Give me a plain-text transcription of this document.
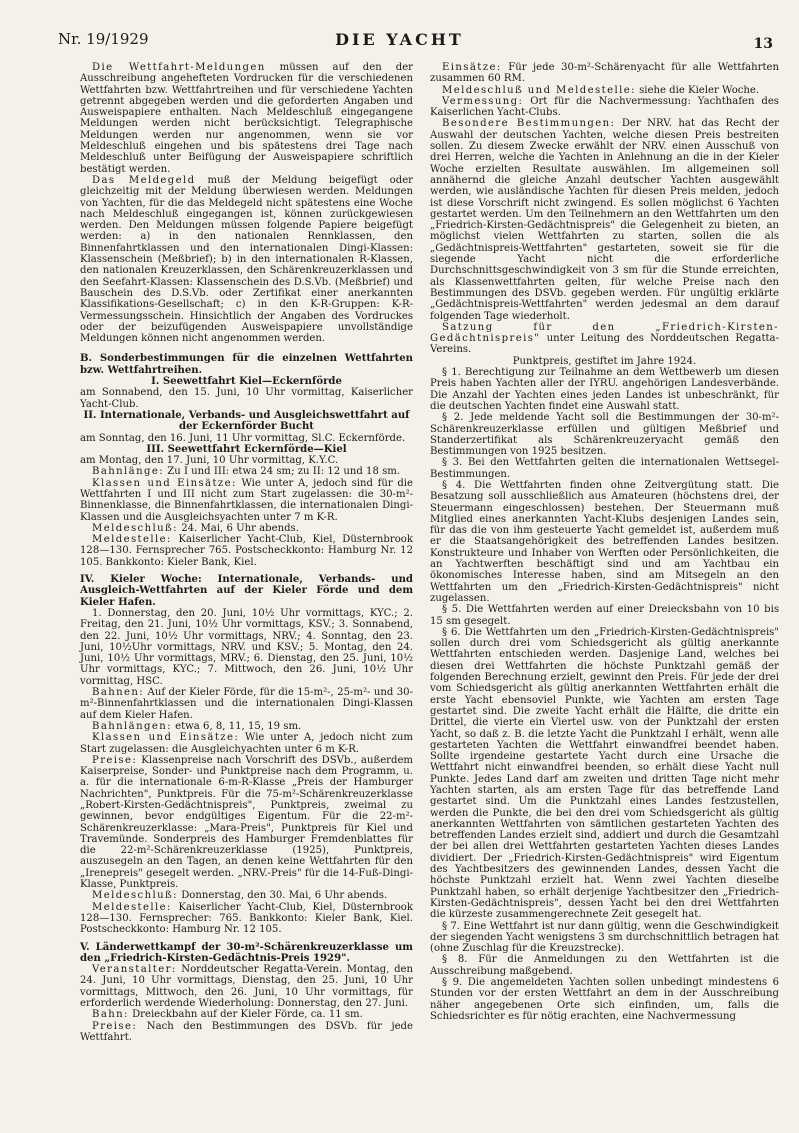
Nr. 19/1929	DIE YACHT	13

Die Wettfahrt-Meldungen müssen auf den der Ausschreibung angehefteten Vordrucken für die verschiedenen Wettfahrten bzw. Wettfahrtreihen und für verschiedene Yachten getrennt abgegeben werden und die geforderten Angaben und Ausweispapiere enthalten. Nach Meldeschluß eingegangene Meldungen werden nicht berücksichtigt. Telegraphische Meldungen werden nur angenommen, wenn sie vor Meldeschluß eingehen und bis spätestens drei Tage nach Meldeschluß unter Beifügung der Ausweispapiere schriftlich bestätigt werden.

Das Meldegeld muß der Meldung beigefügt oder gleichzeitig mit der Meldung überwiesen werden. Meldungen von Yachten, für die das Meldegeld nicht spätestens eine Woche nach Meldeschluß eingegangen ist, können zurückgewiesen werden. Den Meldungen müssen folgende Papiere beigefügt werden: a) in den nationalen Rennklassen, den Binnenfahrtklassen und den internationalen Dingi-Klassen: Klassenschein (Meßbrief); b) in den internationalen R-Klassen, den nationalen Kreuzerklassen, den Schärenkreuzerklassen und den Seefahrt-Klassen: Klassenschein des D.S.Vb. (Meßbrief) und Bauschein des D.S.Vb. oder Zertifikat einer anerkannten Klassifikations-Gesellschaft; c) in den K-R-Gruppen: K-R-Vermessungsschein. Hinsichtlich der Angaben des Vordruckes oder der beizufügenden Ausweispapiere unvollständige Meldungen können nicht angenommen werden.

B. Sonderbestimmungen für die einzelnen Wettfahrten bzw. Wettfahrtreihen.

I. Seewettfahrt Kiel—Eckernförde

am Sonnabend, den 15. Juni, 10 Uhr vormittag, Kaiserlicher Yacht-Club.

II. Internationale, Verbands- und Ausgleichswettfahrt auf der Eckernförder Bucht

am Sonntag, den 16. Juni, 11 Uhr vormittag, Sl.C. Eckernförde.

III. Seewettfahrt Eckernförde—Kiel

am Montag, den 17. Juni, 10 Uhr vormittag, K.Y.C.

Bahnlänge: Zu I und III: etwa 24 sm; zu II: 12 und 18 sm.

Klassen und Einsätze: Wie unter A, jedoch sind für die Wettfahrten I und III nicht zum Start zugelassen: die 30-m²-Binnenklasse, die Binnenfahrtklassen, die internationalen Dingi-Klassen und die Ausgleichsyachten unter 7 m K-R.

Meldeschluß: 24. Mai, 6 Uhr abends.

Meldestelle: Kaiserlicher Yacht-Club, Kiel, Düsternbrook 128—130. Fernsprecher 765. Postscheckkonto: Hamburg Nr. 12 105. Bankkonto: Kieler Bank, Kiel.

IV. Kieler Woche: Internationale, Verbands- und Ausgleich-Wettfahrten auf der Kieler Förde und dem Kieler Hafen.

1. Donnerstag, den 20. Juni, 10½ Uhr vormittags, KYC.; 2. Freitag, den 21. Juni, 10½ Uhr vormittags, KSV.; 3. Sonnabend, den 22. Juni, 10½ Uhr vormittags, NRV.; 4. Sonntag, den 23. Juni, 10½Uhr vormittags, NRV. und KSV.; 5. Montag, den 24. Juni, 10½ Uhr vormittags, MRV.; 6. Dienstag, den 25. Juni, 10½ Uhr vormittags, KYC.; 7. Mittwoch, den 26. Juni, 10½ Uhr vormittag, HSC.

Bahnen: Auf der Kieler Förde, für die 15-m²-, 25-m²- und 30-m²-Binnenfahrtklassen und die internationalen Dingi-Klassen auf dem Kieler Hafen.

Bahnlängen: etwa 6, 8, 11, 15, 19 sm.

Klassen und Einsätze: Wie unter A, jedoch nicht zum Start zugelassen: die Ausgleichyachten unter 6 m K-R.

Preise: Klassenpreise nach Vorschrift des DSVb., außerdem Kaiserpreise, Sonder- und Punktpreise nach dem Programm, u. a. für die internationale 6-m-R-Klasse „Preis der Hamburger Nachrichten", Punktpreis. Für die 75-m²-Schärenkreuzerklasse „Robert-Kirsten-Gedächtnispreis", Punktpreis, zweimal zu gewinnen, bevor endgültiges Eigentum. Für die 22-m²-Schärenkreuzerklasse: „Mara-Preis", Punktpreis für Kiel und Travemünde. Sonderpreis des Hamburger Fremdenblattes für die 22-m²-Schärenkreuzerklasse (1925), Punktpreis, auszusegeln an den Tagen, an denen keine Wettfahrten für den „Irenepreis" gesegelt werden. „NRV.-Preis" für die 14-Fuß-Dingi-Klasse, Punktpreis.

Meldeschluß: Donnerstag, den 30. Mai, 6 Uhr abends.

Meldestelle: Kaiserlicher Yacht-Club, Kiel, Düsternbrook 128—130. Fernsprecher: 765. Bankkonto: Kieler Bank, Kiel. Postscheckkonto: Hamburg Nr. 12 105.

V. Länderwettkampf der 30-m²-Schärenkreuzerklasse um den „Friedrich-Kirsten-Gedächtnis-Preis 1929".

Veranstalter: Norddeutscher Regatta-Verein. Montag, den 24. Juni, 10 Uhr vormittags, Dienstag, den 25. Juni, 10 Uhr vormittags, Mittwoch, den 26. Juni, 10 Uhr vormittags, für erforderlich werdende Wiederholung: Donnerstag, den 27. Juni.

Bahn: Dreieckbahn auf der Kieler Förde, ca. 11 sm.

Preise: Nach den Bestimmungen des DSVb. für jede Wettfahrt.

Einsätze: Für jede 30-m²-Schärenyacht für alle Wettfahrten zusammen 60 RM.

Meldeschluß und Meldestelle: siehe die Kieler Woche.

Vermessung: Ort für die Nachvermessung: Yachthafen des Kaiserlichen Yacht-Clubs.

Besondere Bestimmungen: Der NRV. hat das Recht der Auswahl der deutschen Yachten, welche diesen Preis bestreiten sollen. Zu diesem Zwecke erwählt der NRV. einen Ausschuß von drei Herren, welche die Yachten in Anlehnung an die in der Kieler Woche erzielten Resultate auswählen. Im allgemeinen soll annähernd die gleiche Anzahl deutscher Yachten ausgewählt werden, wie ausländische Yachten für diesen Preis melden, jedoch ist diese Vorschrift nicht zwingend. Es sollen möglichst 6 Yachten gestartet werden. Um den Teilnehmern an den Wettfahrten um den „Friedrich-Kirsten-Gedächtnispreis" die Gelegenheit zu bieten, an möglichst vielen Wettfahrten zu starten, sollen die als „Gedächtnispreis-Wettfahrten" gestarteten, soweit sie für die siegende Yacht nicht die erforderliche Durchschnittsgeschwindigkeit von 3 sm für die Stunde erreichten, als Klassenwettfahrten gelten, für welche Preise nach den Bestimmungen des DSVb. gegeben werden. Für ungültig erklärte „Gedächtnispreis-Wettfahrten" werden jedesmal an dem darauf folgenden Tage wiederholt.

Satzung für den „Friedrich-Kirsten-Gedächtnispreis" unter Leitung des Norddeutschen Regatta-Vereins.

Punktpreis, gestiftet im Jahre 1924.

§ 1. Berechtigung zur Teilnahme an dem Wettbewerb um diesen Preis haben Yachten aller der IYRU. angehörigen Landesverbände. Die Anzahl der Yachten eines jeden Landes ist unbeschränkt, für die deutschen Yachten findet eine Auswahl statt.

§ 2. Jede meldende Yacht soll die Bestimmungen der 30-m²- Schärenkreuzerklasse erfüllen und gültigen Meßbrief und Standerzertifikat als Schärenkreuzeryacht gemäß den Bestimmungen von 1925 besitzen.

§ 3. Bei den Wettfahrten gelten die internationalen Wettsegel-Bestimmungen.

§ 4. Die Wettfahrten finden ohne Zeitvergütung statt. Die Besatzung soll ausschließlich aus Amateuren (höchstens drei, der Steuermann eingeschlossen) bestehen. Der Steuermann muß Mitglied eines anerkannten Yacht-Klubs desjenigen Landes sein, für das die von ihm gesteuerte Yacht gemeldet ist, außerdem muß er die Staatsangehörigkeit des betreffenden Landes besitzen. Konstrukteure und Inhaber von Werften oder Persönlichkeiten, die an Yachtwerften beschäftigt sind und am Yachtbau ein ökonomisches Interesse haben, sind am Mitsegeln an den Wettfahrten um den „Friedrich-Kirsten-Gedächtnispreis" nicht zugelassen.

§ 5. Die Wettfahrten werden auf einer Dreiecksbahn von 10 bis 15 sm gesegelt.

§ 6. Die Wettfahrten um den „Friedrich-Kirsten-Gedächtnispreis" sollen durch drei vom Schiedsgericht als gültig anerkannte Wettfahrten entschieden werden. Dasjenige Land, welches bei diesen drei Wettfahrten die höchste Punktzahl gemäß der folgenden Berechnung erzielt, gewinnt den Preis. Für jede der drei vom Schiedsgericht als gültig anerkannten Wettfahrten erhält die erste Yacht ebensoviel Punkte, wie Yachten am ersten Tage gestartet sind. Die zweite Yacht erhält die Hälfte, die dritte ein Drittel, die vierte ein Viertel usw. von der Punktzahl der ersten Yacht, so daß z. B. die letzte Yacht die Punktzahl I erhält, wenn alle gestarteten Yachten die Wettfahrt einwandfrei beendet haben. Sollte irgendeine gestartete Yacht durch eine Ursache die Wettfahrt nicht einwandfrei beenden, so erhält diese Yacht null Punkte. Jedes Land darf am zweiten und dritten Tage nicht mehr Yachten starten, als am ersten Tage für das betreffende Land gestartet sind. Um die Punktzahl eines Landes festzustellen, werden die Punkte, die bei den drei vom Schiedsgericht als gültig anerkannten Wettfahrten von sämtlichen gestarteten Yachten des betreffenden Landes erzielt sind, addiert und durch die Gesamtzahl der bei allen drei Wettfahrten gestarteten Yachten dieses Landes dividiert. Der „Friedrich-Kirsten-Gedächtnispreis" wird Eigentum des Yachtbesitzers des gewinnenden Landes, dessen Yacht die höchste Punktzahl erzielt hat. Wenn zwei Yachten dieselbe Punktzahl haben, so erhält derjenige Yachtbesitzer den „Friedrich-Kirsten-Gedächtnispreis", dessen Yacht bei den drei Wettfahrten die kürzeste zusammengerechnete Zeit gesegelt hat.

§ 7. Eine Wettfahrt ist nur dann gültig, wenn die Geschwindigkeit der siegenden Yacht wenigstens 3 sm durchschnittlich betragen hat (ohne Zuschlag für die Kreuzstrecke).

§ 8. Für die Anmeldungen zu den Wettfahrten ist die Ausschreibung maßgebend.

§ 9. Die angemeldeten Yachten sollen unbedingt mindestens 6 Stunden vor der ersten Wettfahrt an dem in der Ausschreibung näher angegebenen Orte sich einfinden, um, falls die Schiedsrichter es für nötig erachten, eine Nachvermessung
